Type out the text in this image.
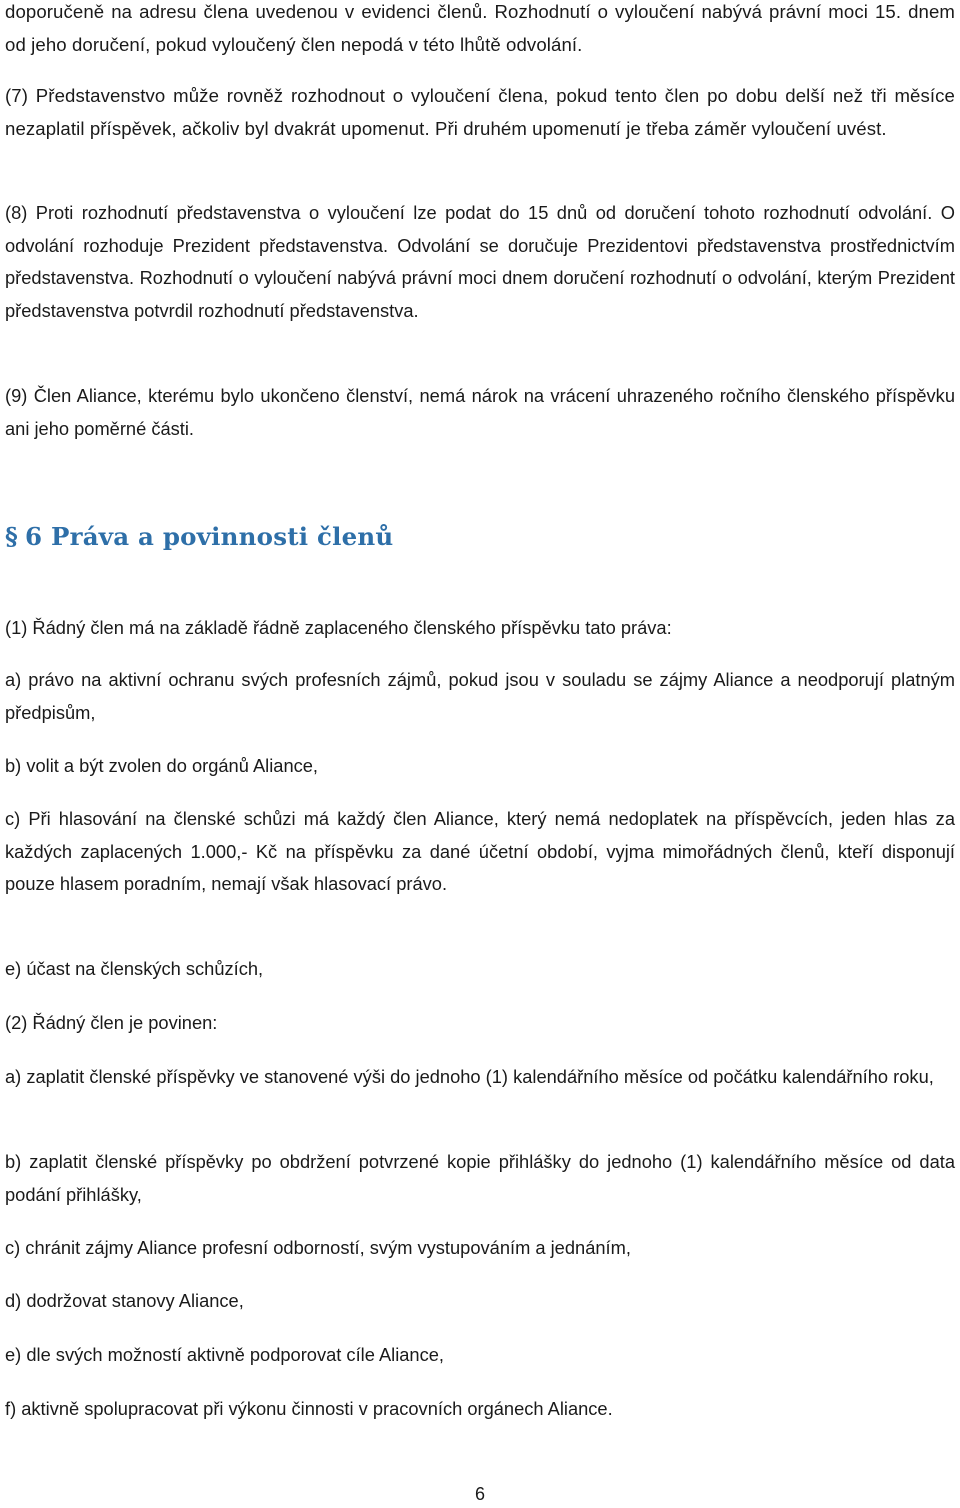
doporučeně na adresu člena uvedenou v evidenci členů. Rozhodnutí o vyloučení nabývá právní moci 15. dnem od jeho doručení, pokud vyloučený člen nepodá v této lhůtě odvolání.

(7) Představenstvo může rovněž rozhodnout o vyloučení člena, pokud tento člen po dobu delší než tři měsíce nezaplatil příspěvek, ačkoliv byl dvakrát upomenut. Při druhém upomenutí je třeba záměr vyloučení uvést.

(8) Proti rozhodnutí představenstva o vyloučení lze podat do 15 dnů od doručení tohoto rozhodnutí odvolání. O odvolání rozhoduje Prezident představenstva. Odvolání se doručuje Prezidentovi představenstva prostřednictvím představenstva. Rozhodnutí o vyloučení nabývá právní moci dnem doručení rozhodnutí o odvolání, kterým Prezident představenstva potvrdil rozhodnutí představenstva.

(9) Člen Aliance, kterému bylo ukončeno členství, nemá nárok na vrácení uhrazeného ročního členského příspěvku ani jeho poměrné části.

§ 6 Práva a povinnosti členů

(1) Řádný člen má na základě řádně zaplaceného členského příspěvku tato práva:

a) právo na aktivní ochranu svých profesních zájmů, pokud jsou v souladu se zájmy Aliance a neodporují platným předpisům,

b) volit a být zvolen do orgánů Aliance,

c) Při hlasování na členské schůzi má každý člen Aliance, který nemá nedoplatek na příspěvcích, jeden hlas za každých zaplacených 1.000,- Kč na příspěvku za dané účetní období, vyjma mimořádných členů, kteří disponují pouze hlasem poradním, nemají však hlasovací právo.

e) účast na členských schůzích,

(2) Řádný člen je povinen:

a) zaplatit členské příspěvky ve stanovené výši do jednoho (1) kalendářního měsíce od počátku kalendářního roku,

b) zaplatit členské příspěvky po obdržení potvrzené kopie přihlášky do jednoho (1) kalendářního měsíce od data podání přihlášky,

c) chránit zájmy Aliance profesní odborností, svým vystupováním a jednáním,

d) dodržovat stanovy Aliance,

e) dle svých možností aktivně podporovat cíle Aliance,

f) aktivně spolupracovat při výkonu činnosti v pracovních orgánech Aliance.

6
